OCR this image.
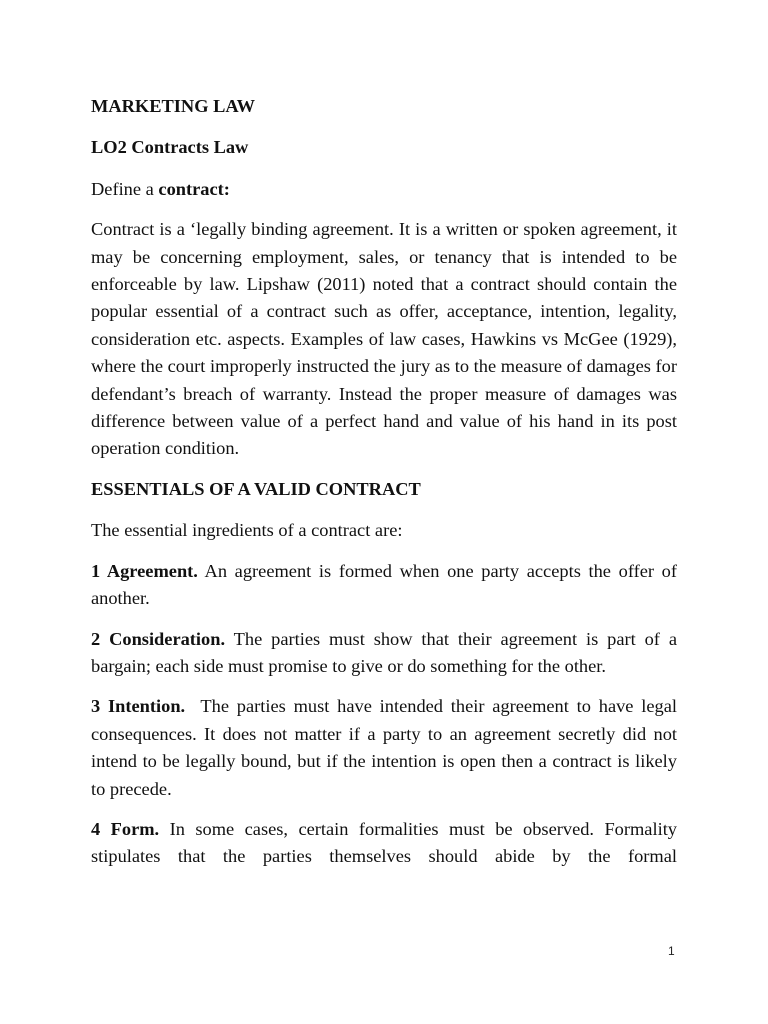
MARKETING LAW

LO2 Contracts Law

Define a contract:

Contract is a ‘legally binding agreement. It is a written or spoken agreement, it may be concerning employment, sales, or tenancy that is intended to be enforceable by law. Lipshaw (2011) noted that a contract should contain the popular essential of a contract such as offer, acceptance, intention, legality, consideration etc. aspects. Examples of law cases, Hawkins vs McGee (1929), where the court improperly instructed the jury as to the measure of damages for defendant’s breach of warranty. Instead the proper measure of damages was difference between value of a perfect hand and value of his hand in its post operation condition.

ESSENTIALS OF A VALID CONTRACT

The essential ingredients of a contract are:

1 Agreement. An agreement is formed when one party accepts the offer of another.

2 Consideration. The parties must show that their agreement is part of a bargain; each side must promise to give or do something for the other.

3 Intention.  The parties must have intended their agreement to have legal consequences. It does not matter if a party to an agreement secretly did not intend to be legally bound, but if the intention is open then a contract is likely to precede.

4 Form. In some cases, certain formalities must be observed. Formality stipulates that the parties themselves should abide by the formal

1
